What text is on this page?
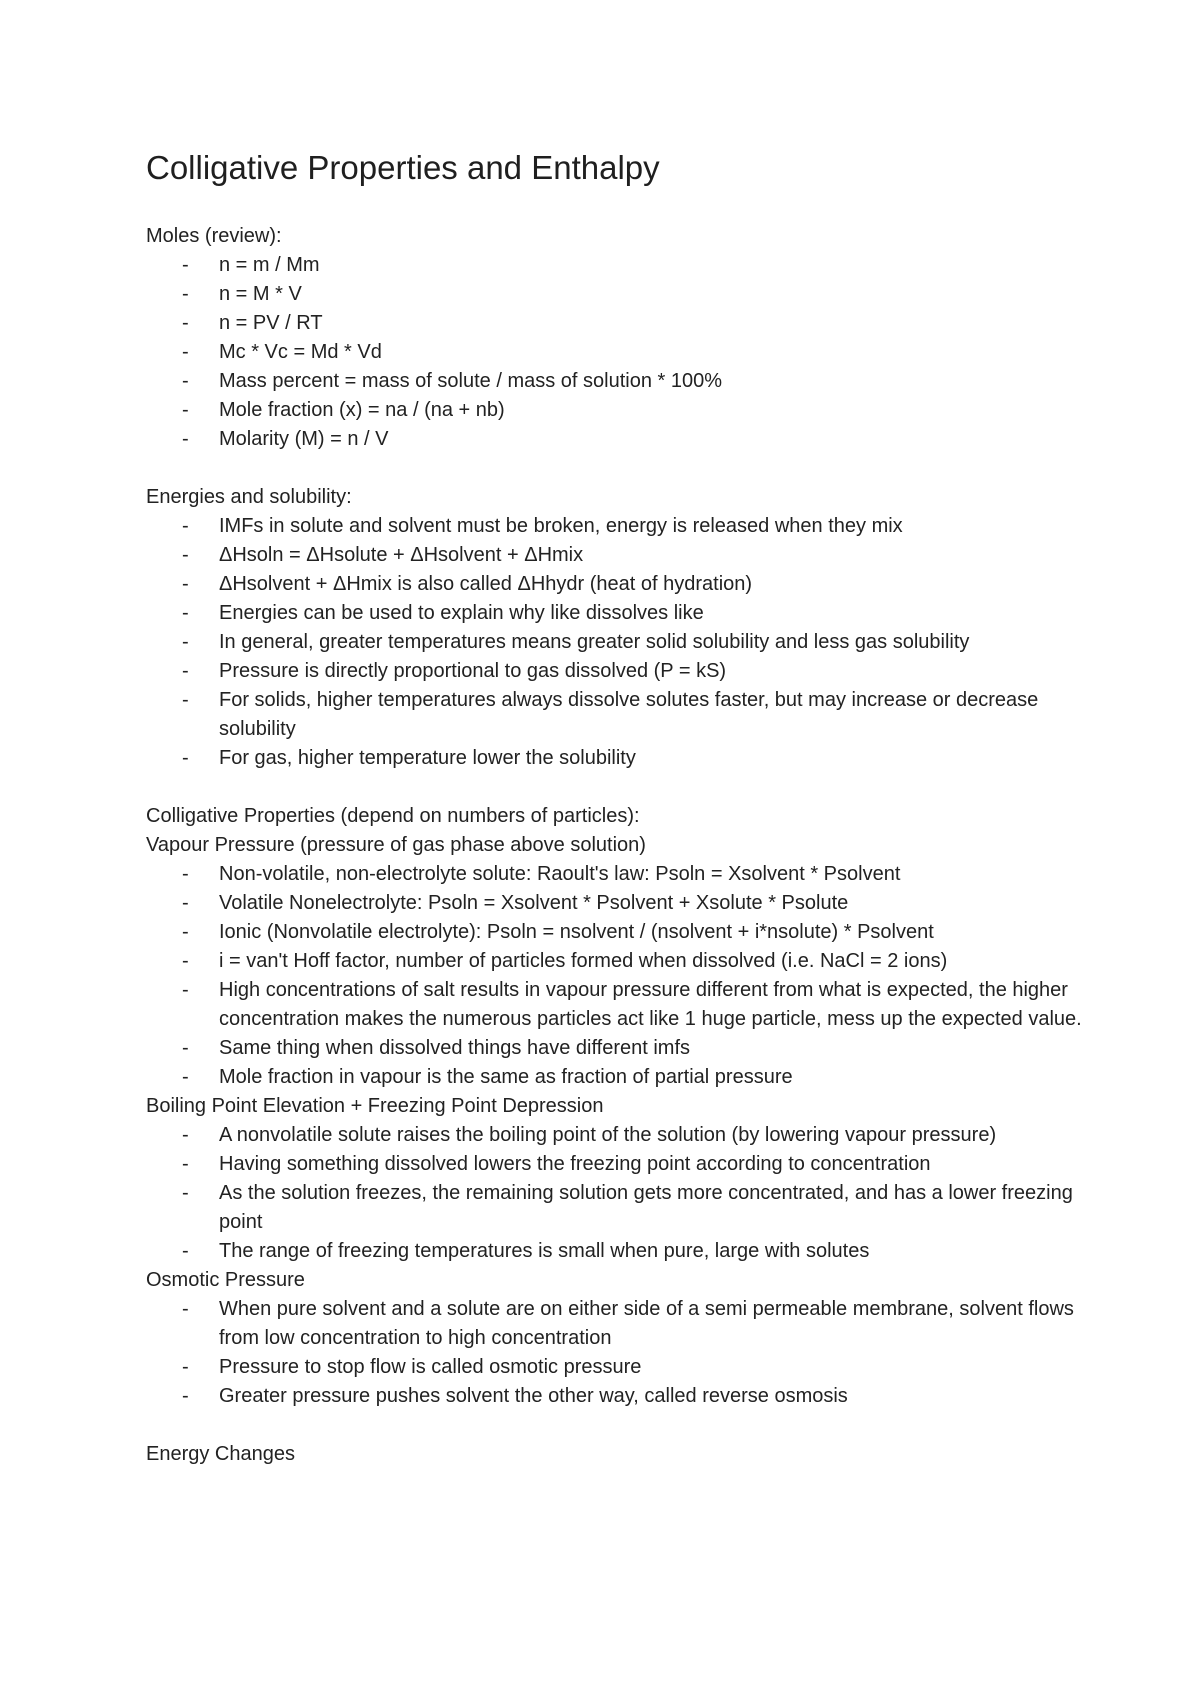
Colligative Properties and Enthalpy

Moles (review):

- n = m / Mm
- n = M * V
- n = PV / RT
- Mc * Vc = Md * Vd
- Mass percent = mass of solute / mass of solution * 100%
- Mole fraction (x) = na / (na + nb)
- Molarity (M) = n / V

Energies and solubility:

- IMFs in solute and solvent must be broken, energy is released when they mix
- ΔHsoln = ΔHsolute + ΔHsolvent + ΔHmix
- ΔHsolvent + ΔHmix is also called ΔHhydr (heat of hydration)
- Energies can be used to explain why like dissolves like
- In general, greater temperatures means greater solid solubility and less gas solubility
- Pressure is directly proportional to gas dissolved (P = kS)
- For solids, higher temperatures always dissolve solutes faster, but may increase or decrease solubility
- For gas, higher temperature lower the solubility

Colligative Properties (depend on numbers of particles):

Vapour Pressure (pressure of gas phase above solution)

- Non-volatile, non-electrolyte solute: Raoult's law: Psoln = Xsolvent * Psolvent
- Volatile Nonelectrolyte: Psoln = Xsolvent * Psolvent + Xsolute * Psolute
- Ionic (Nonvolatile electrolyte): Psoln = nsolvent / (nsolvent + i*nsolute) * Psolvent
- i = van't Hoff factor, number of particles formed when dissolved (i.e. NaCl = 2 ions)
- High concentrations of salt results in vapour pressure different from what is expected, the higher concentration makes the numerous particles act like 1 huge particle, mess up the expected value.
- Same thing when dissolved things have different imfs
- Mole fraction in vapour is the same as fraction of partial pressure

Boiling Point Elevation + Freezing Point Depression

- A nonvolatile solute raises the boiling point of the solution (by lowering vapour pressure)
- Having something dissolved lowers the freezing point according to concentration
- As the solution freezes, the remaining solution gets more concentrated, and has a lower freezing point
- The range of freezing temperatures is small when pure, large with solutes

Osmotic Pressure

- When pure solvent and a solute are on either side of a semi permeable membrane, solvent flows from low concentration to high concentration
- Pressure to stop flow is called osmotic pressure
- Greater pressure pushes solvent the other way, called reverse osmosis

Energy Changes
